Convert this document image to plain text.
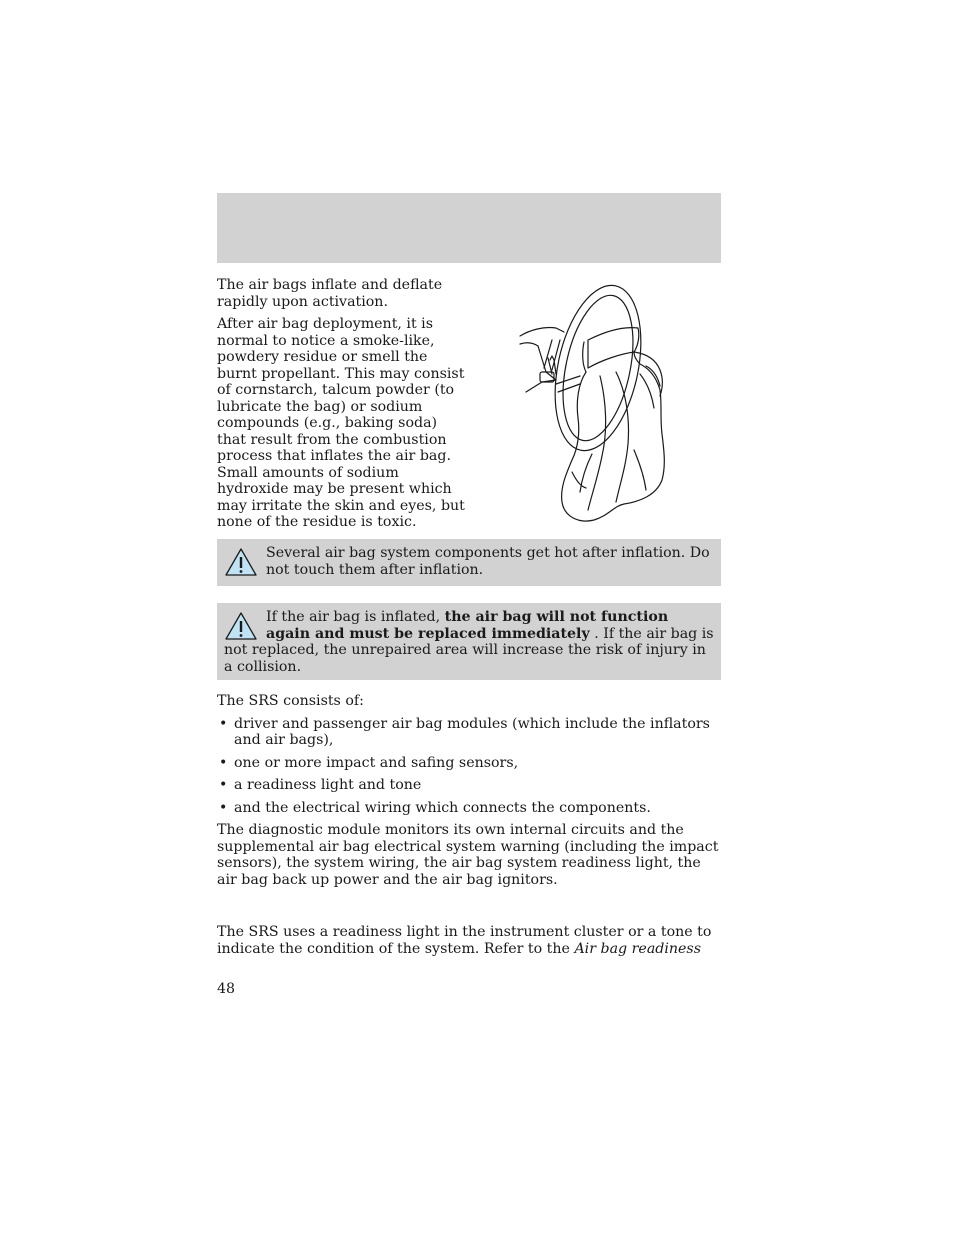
The air bags inflate and deflate rapidly upon activation.

After air bag deployment, it is normal to notice a smoke-like, powdery residue or smell the burnt propellant. This may consist of cornstarch, talcum powder (to lubricate the bag) or sodium compounds (e.g., baking soda) that result from the combustion process that inflates the air bag. Small amounts of sodium hydroxide may be present which may irritate the skin and eyes, but none of the residue is toxic.

Several air bag system components get hot after inflation. Do not touch them after inflation.

If the air bag is inflated, the air bag will not function again and must be replaced immediately . If the air bag is not replaced, the unrepaired area will increase the risk of injury in a collision.

The SRS consists of:

• driver and passenger air bag modules (which include the inflators and air bags),
• one or more impact and safing sensors,
• a readiness light and tone
• and the electrical wiring which connects the components.

The diagnostic module monitors its own internal circuits and the supplemental air bag electrical system warning (including the impact sensors), the system wiring, the air bag system readiness light, the air bag back up power and the air bag ignitors.

The SRS uses a readiness light in the instrument cluster or a tone to indicate the condition of the system. Refer to the Air bag readiness

48
